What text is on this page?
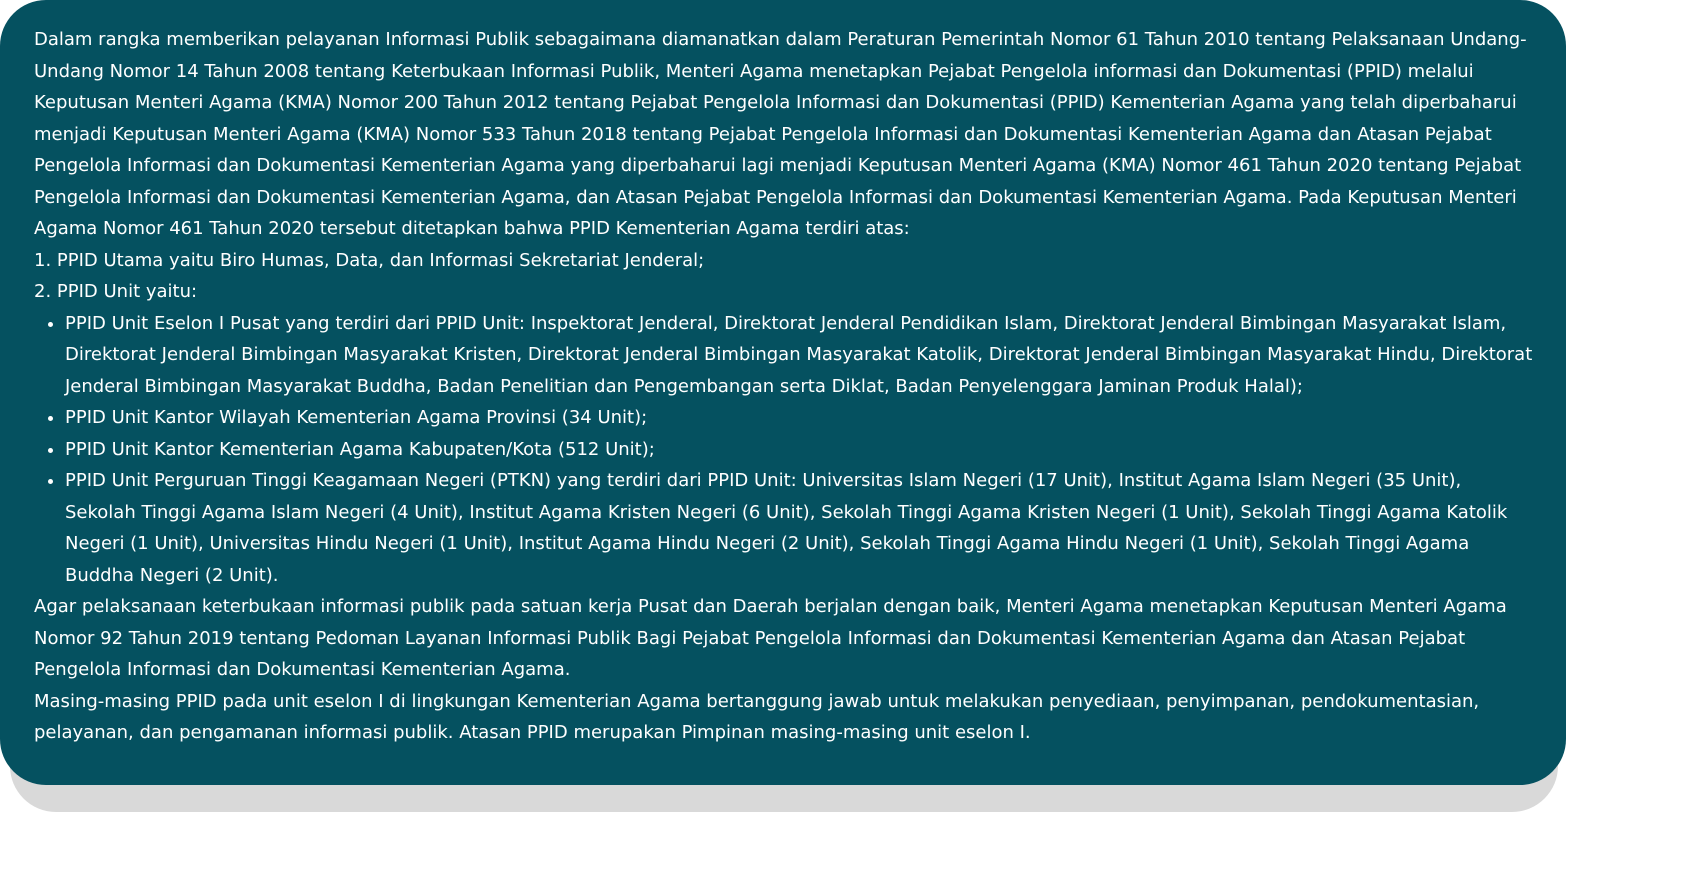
Dalam rangka memberikan pelayanan Informasi Publik sebagaimana diamanatkan dalam Peraturan Pemerintah Nomor 61 Tahun 2010 tentang Pelaksanaan Undang-Undang Nomor 14 Tahun 2008 tentang Keterbukaan Informasi Publik, Menteri Agama menetapkan Pejabat Pengelola informasi dan Dokumentasi (PPID) melalui Keputusan Menteri Agama (KMA) Nomor 200 Tahun 2012 tentang Pejabat Pengelola Informasi dan Dokumentasi (PPID) Kementerian Agama yang telah diperbaharui menjadi Keputusan Menteri Agama (KMA) Nomor 533 Tahun 2018 tentang Pejabat Pengelola Informasi dan Dokumentasi Kementerian Agama dan Atasan Pejabat Pengelola Informasi dan Dokumentasi Kementerian Agama yang diperbaharui lagi menjadi Keputusan Menteri Agama (KMA) Nomor 461 Tahun 2020 tentang Pejabat Pengelola Informasi dan Dokumentasi Kementerian Agama, dan Atasan Pejabat Pengelola Informasi dan Dokumentasi Kementerian Agama. Pada Keputusan Menteri Agama Nomor 461 Tahun 2020 tersebut ditetapkan bahwa PPID Kementerian Agama terdiri atas:

1. PPID Utama yaitu Biro Humas, Data, dan Informasi Sekretariat Jenderal;
2. PPID Unit yaitu:
• PPID Unit Eselon I Pusat yang terdiri dari PPID Unit: Inspektorat Jenderal, Direktorat Jenderal Pendidikan Islam, Direktorat Jenderal Bimbingan Masyarakat Islam, Direktorat Jenderal Bimbingan Masyarakat Kristen, Direktorat Jenderal Bimbingan Masyarakat Katolik, Direktorat Jenderal Bimbingan Masyarakat Hindu, Direktorat Jenderal Bimbingan Masyarakat Buddha, Badan Penelitian dan Pengembangan serta Diklat, Badan Penyelenggara Jaminan Produk Halal);
• PPID Unit Kantor Wilayah Kementerian Agama Provinsi (34 Unit);
• PPID Unit Kantor Kementerian Agama Kabupaten/Kota (512 Unit);
• PPID Unit Perguruan Tinggi Keagamaan Negeri (PTKN) yang terdiri dari PPID Unit: Universitas Islam Negeri (17 Unit), Institut Agama Islam Negeri (35 Unit), Sekolah Tinggi Agama Islam Negeri (4 Unit), Institut Agama Kristen Negeri (6 Unit), Sekolah Tinggi Agama Kristen Negeri (1 Unit), Sekolah Tinggi Agama Katolik Negeri (1 Unit), Universitas Hindu Negeri (1 Unit), Institut Agama Hindu Negeri (2 Unit), Sekolah Tinggi Agama Hindu Negeri (1 Unit), Sekolah Tinggi Agama Buddha Negeri (2 Unit).

Agar pelaksanaan keterbukaan informasi publik pada satuan kerja Pusat dan Daerah berjalan dengan baik, Menteri Agama menetapkan Keputusan Menteri Agama Nomor 92 Tahun 2019 tentang Pedoman Layanan Informasi Publik Bagi Pejabat Pengelola Informasi dan Dokumentasi Kementerian Agama dan Atasan Pejabat Pengelola Informasi dan Dokumentasi Kementerian Agama.

Masing-masing PPID pada unit eselon I di lingkungan Kementerian Agama bertanggung jawab untuk melakukan penyediaan, penyimpanan, pendokumentasian, pelayanan, dan pengamanan informasi publik. Atasan PPID merupakan Pimpinan masing-masing unit eselon I.
